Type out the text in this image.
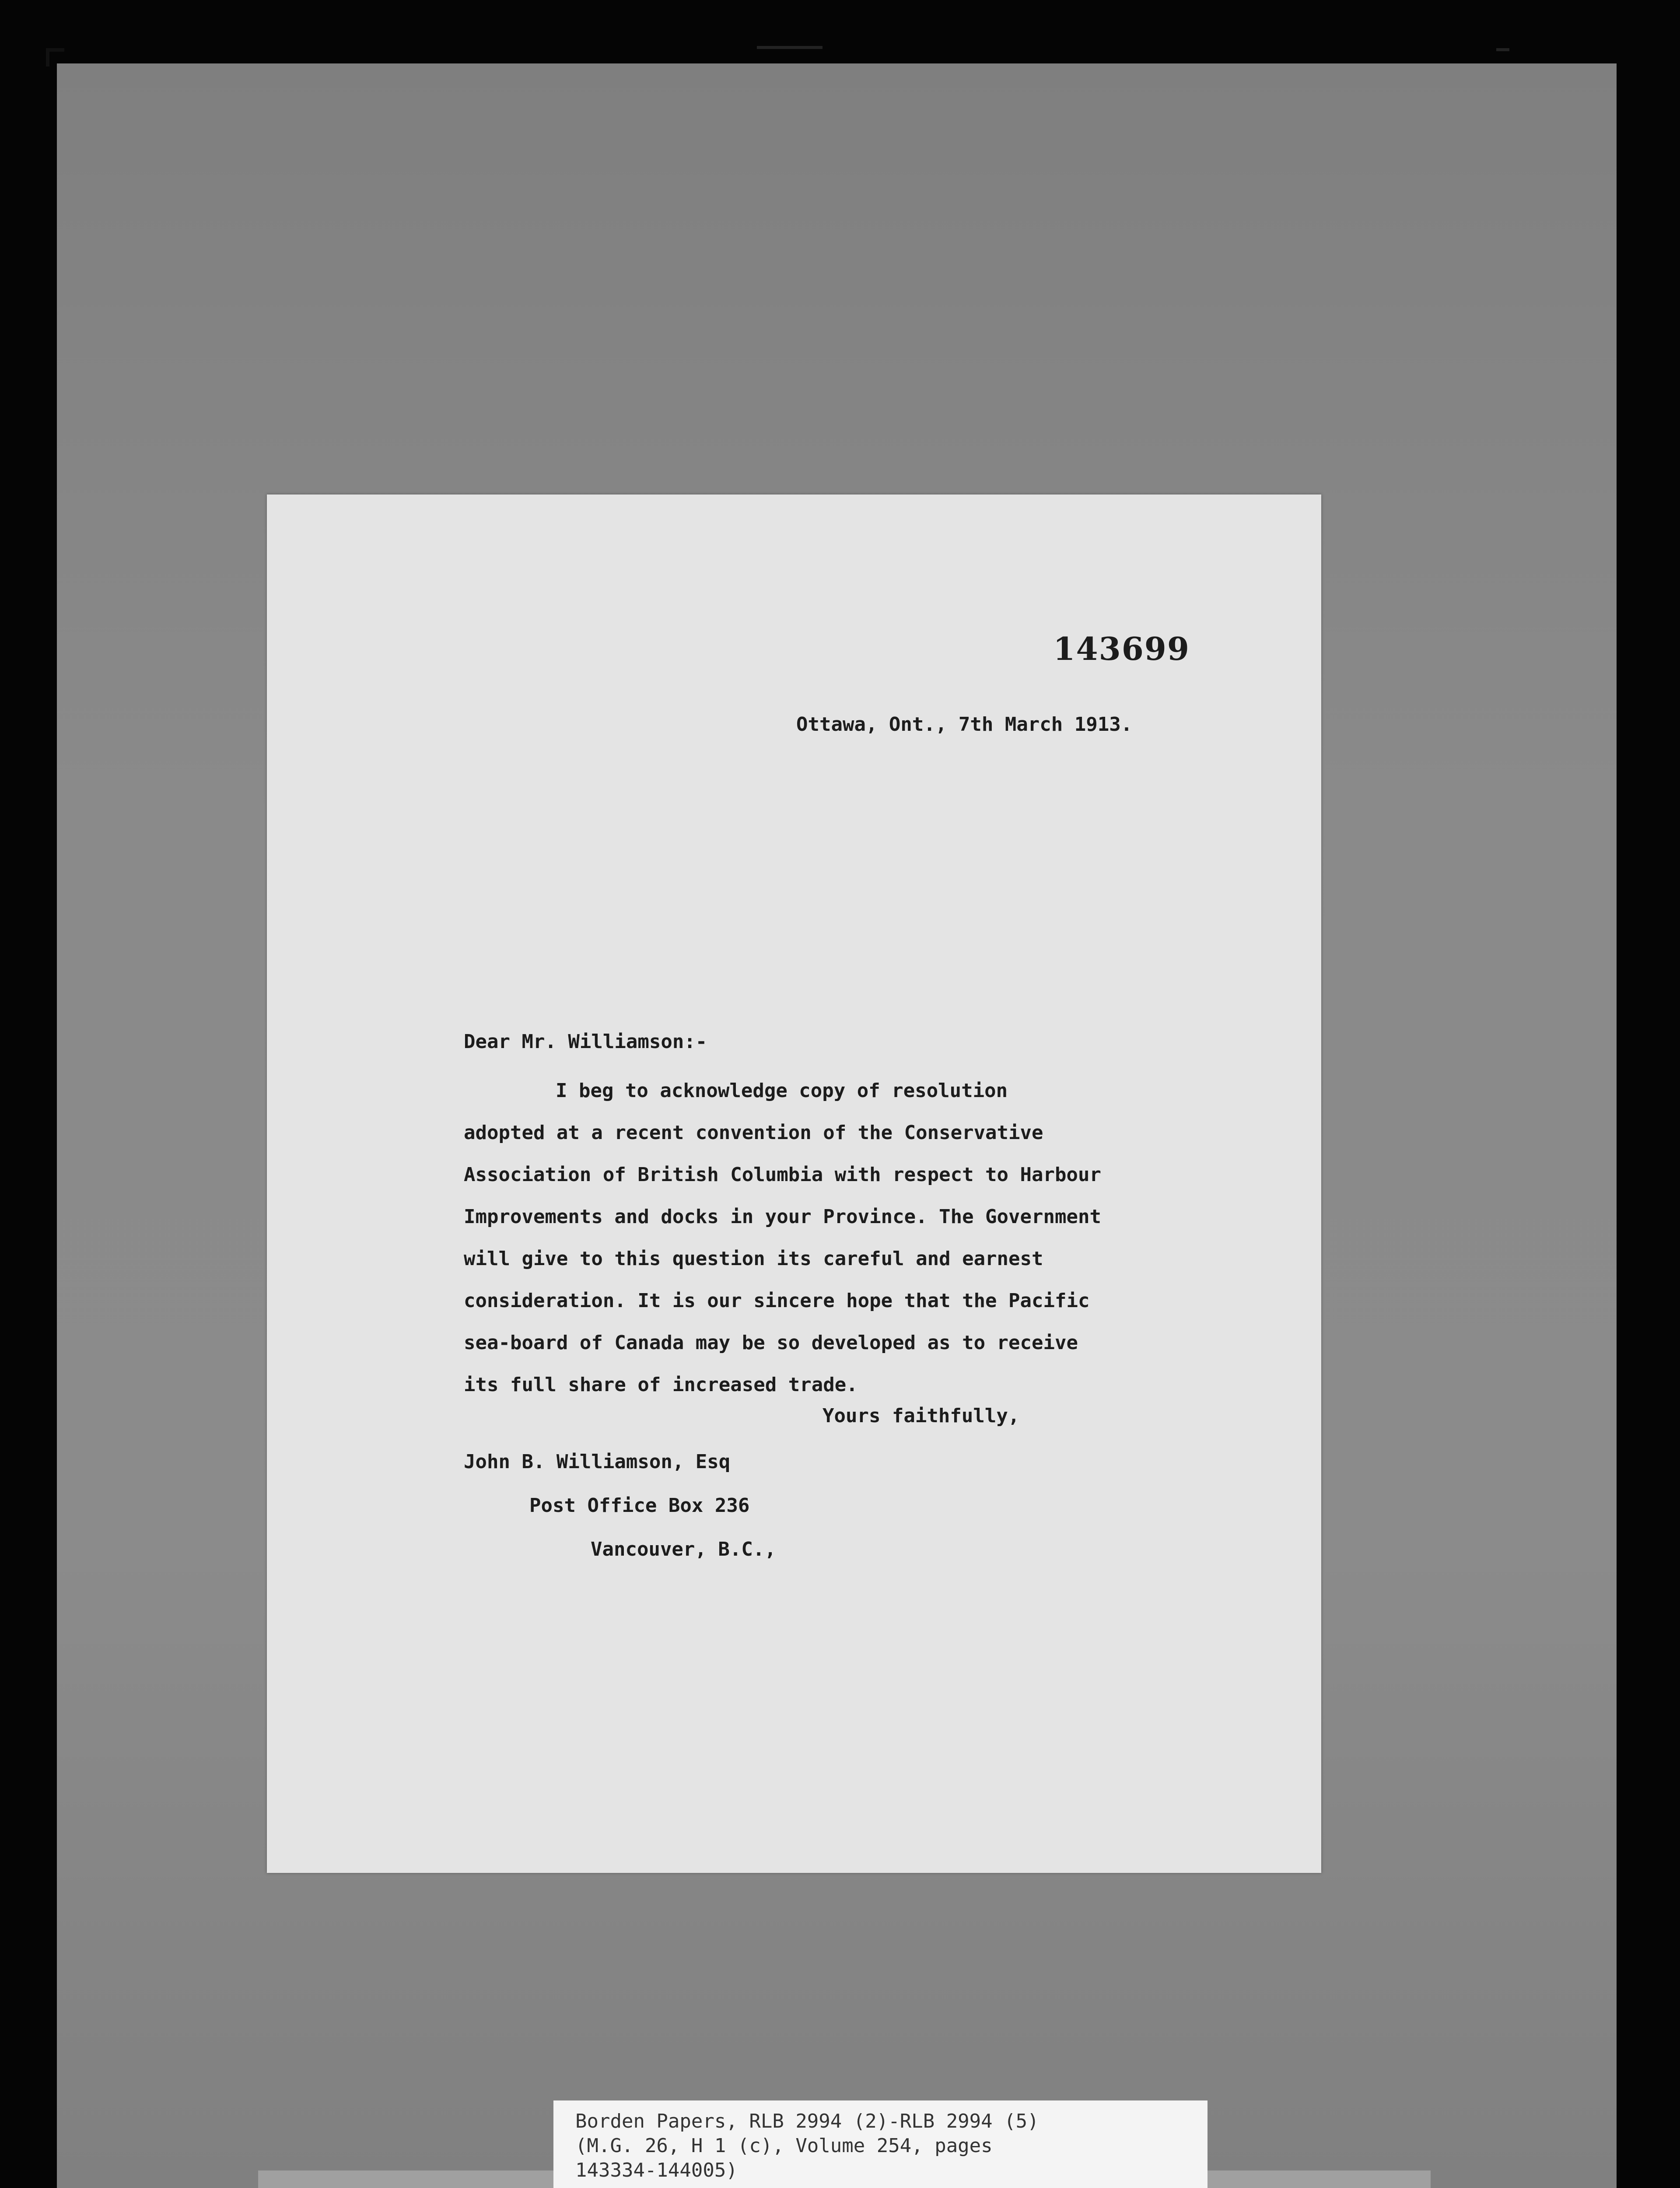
143699
Ottawa, Ont., 7th March 1913.
Dear Mr. Williamson:-
I beg to acknowledge copy of resolution
adopted at a recent convention of the Conservative
Association of British Columbia with respect to Harbour
Improvements and docks in your Province. The Government
will give to this question its careful and earnest
consideration. It is our sincere hope that the Pacific
sea-board of Canada may be so developed as to receive
its full share of increased trade.
Yours faithfully,
John B. Williamson, Esq
Post Office Box 236
Vancouver, B.C.,
Borden Papers, RLB 2994 (2)-RLB 2994 (5)
(M.G. 26, H 1 (c), Volume 254, pages
143334-144005)
